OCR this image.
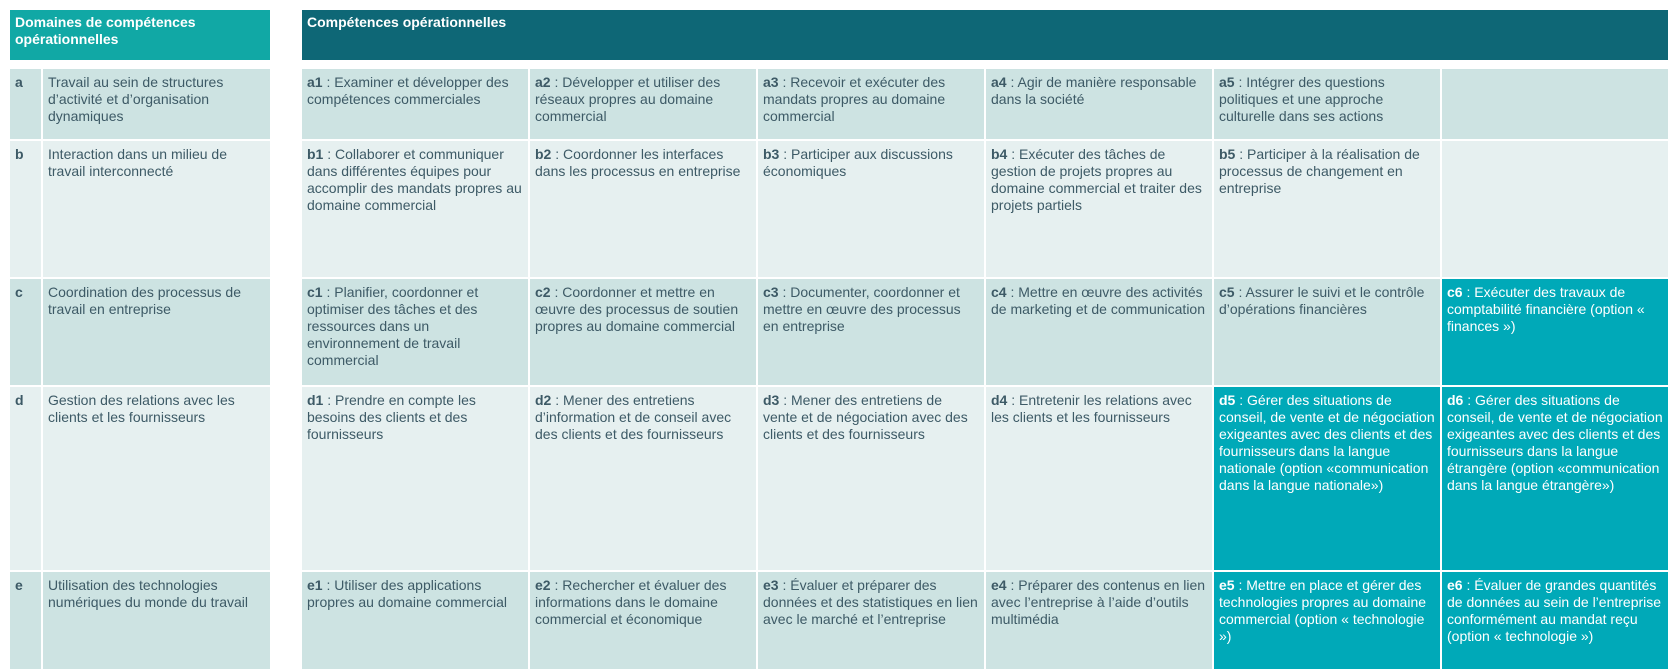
Domaines de compétences opérationnelles
Compétences opérationnelles
a	Travail au sein de structures d’activité et d’organisation dynamiques
a1 : Examiner et développer des compétences commerciales
a2 : Développer et utiliser des réseaux propres au domaine commercial
a3 : Recevoir et exécuter des mandats propres au domaine commercial
a4 : Agir de manière responsable dans la société
a5 : Intégrer des questions politiques et une approche culturelle dans ses actions
b	Interaction dans un milieu de travail interconnecté
b1 : Collaborer et communiquer dans différentes équipes pour accomplir des mandats propres au domaine commercial
b2 : Coordonner les interfaces dans les processus en entreprise
b3 : Participer aux discussions économiques
b4 : Exécuter des tâches de gestion de projets propres au domaine commercial et traiter des projets partiels
b5 : Participer à la réalisation de processus de changement en entreprise
c	Coordination des processus de travail en entreprise
c1 : Planifier, coordonner et optimiser des tâches et des ressources dans un environnement de travail commercial
c2 : Coordonner et mettre en œuvre des processus de soutien propres au domaine commercial
c3 : Documenter, coordonner et mettre en œuvre des processus en entreprise
c4 : Mettre en œuvre des activités de marketing et de communication
c5 : Assurer le suivi et le contrôle d’opérations financières
c6 : Exécuter des travaux de comptabilité financière (option « finances »)
d	Gestion des relations avec les clients et les fournisseurs
d1 : Prendre en compte les besoins des clients et des fournisseurs
d2 : Mener des entretiens d’information et de conseil avec des clients et des fournisseurs
d3 : Mener des entretiens de vente et de négociation avec des clients et des fournisseurs
d4 : Entretenir les relations avec les clients et les fournisseurs
d5 : Gérer des situations de conseil, de vente et de négociation exigeantes avec des clients et des fournisseurs dans la langue nationale (option «communication dans la langue nationale»)
d6 : Gérer des situations de conseil, de vente et de négociation exigeantes avec des clients et des fournisseurs dans la langue étrangère (option «communication dans la langue étrangère»)
e	Utilisation des technologies numériques du monde du travail
e1 : Utiliser des applications propres au domaine commercial
e2 : Rechercher et évaluer des informations dans le domaine commercial et économique
e3 : Évaluer et préparer des données et des statistiques en lien avec le marché et l’entreprise
e4 : Préparer des contenus en lien avec l’entreprise à l’aide d’outils multimédia
e5 : Mettre en place et gérer des technologies propres au domaine commercial (option « technologie »)
e6 : Évaluer de grandes quantités de données au sein de l’entreprise conformément au mandat reçu (option « technologie »)
